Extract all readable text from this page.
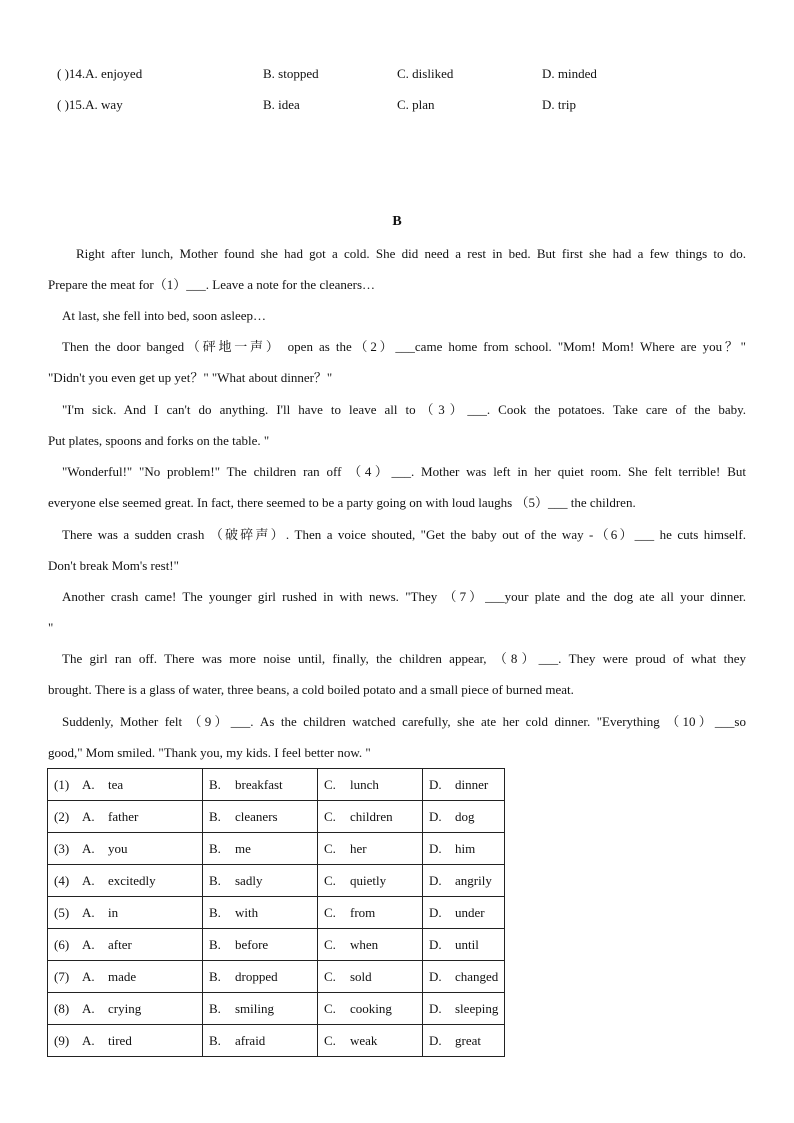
( )14.A. enjoyed	B. stopped	C. disliked	D. minded
( )15.A. way	B. idea	C. plan	D. trip
B
Right after lunch, Mother found she had got a cold. She did need a rest in bed. But first she had a few things to do.
Prepare the meat for（1）___. Leave a note for the cleaners…
At last, she fell into bed, soon asleep…
Then the door banged（砰地一声） open as the（2）___came home from school. "Mom! Mom! Where are you？"
"Didn't you even get up yet？" "What about dinner？"
"I'm sick. And I can't do anything. I'll have to leave all to（3）___. Cook the potatoes. Take care of the baby.
Put plates, spoons and forks on the table. "
"Wonderful!" "No problem!" The children ran off （4）___. Mother was left in her quiet room. She felt terrible! But
everyone else seemed great. In fact, there seemed to be a party going on with loud laughs （5）___ the children.
There was a sudden crash （破碎声）. Then a voice shouted, "Get the baby out of the way -（6）___ he cuts himself.
Don't break Mom's rest!"
Another crash came! The younger girl rushed in with news. "They （7）___your plate and the dog ate all your dinner.
"
The girl ran off. There was more noise until, finally, the children appear, （8）___. They were proud of what they
brought. There is a glass of water, three beans, a cold boiled potato and a small piece of burned meat.
Suddenly, Mother felt （9）___. As the children watched carefully, she ate her cold dinner. "Everything （10）___so
good," Mom smiled. "Thank you, my kids. I feel better now. "
(1) A. tea	B. breakfast	C. lunch	D. dinner
(2) A. father	B. cleaners	C. children	D. dog
(3) A. you	B. me	C. her	D. him
(4) A. excitedly	B. sadly	C. quietly	D. angrily
(5) A. in	B. with	C. from	D. under
(6) A. after	B. before	C. when	D. until
(7) A. made	B. dropped	C. sold	D. changed
(8) A. crying	B. smiling	C. cooking	D. sleeping
(9) A. tired	B. afraid	C. weak	D. great
